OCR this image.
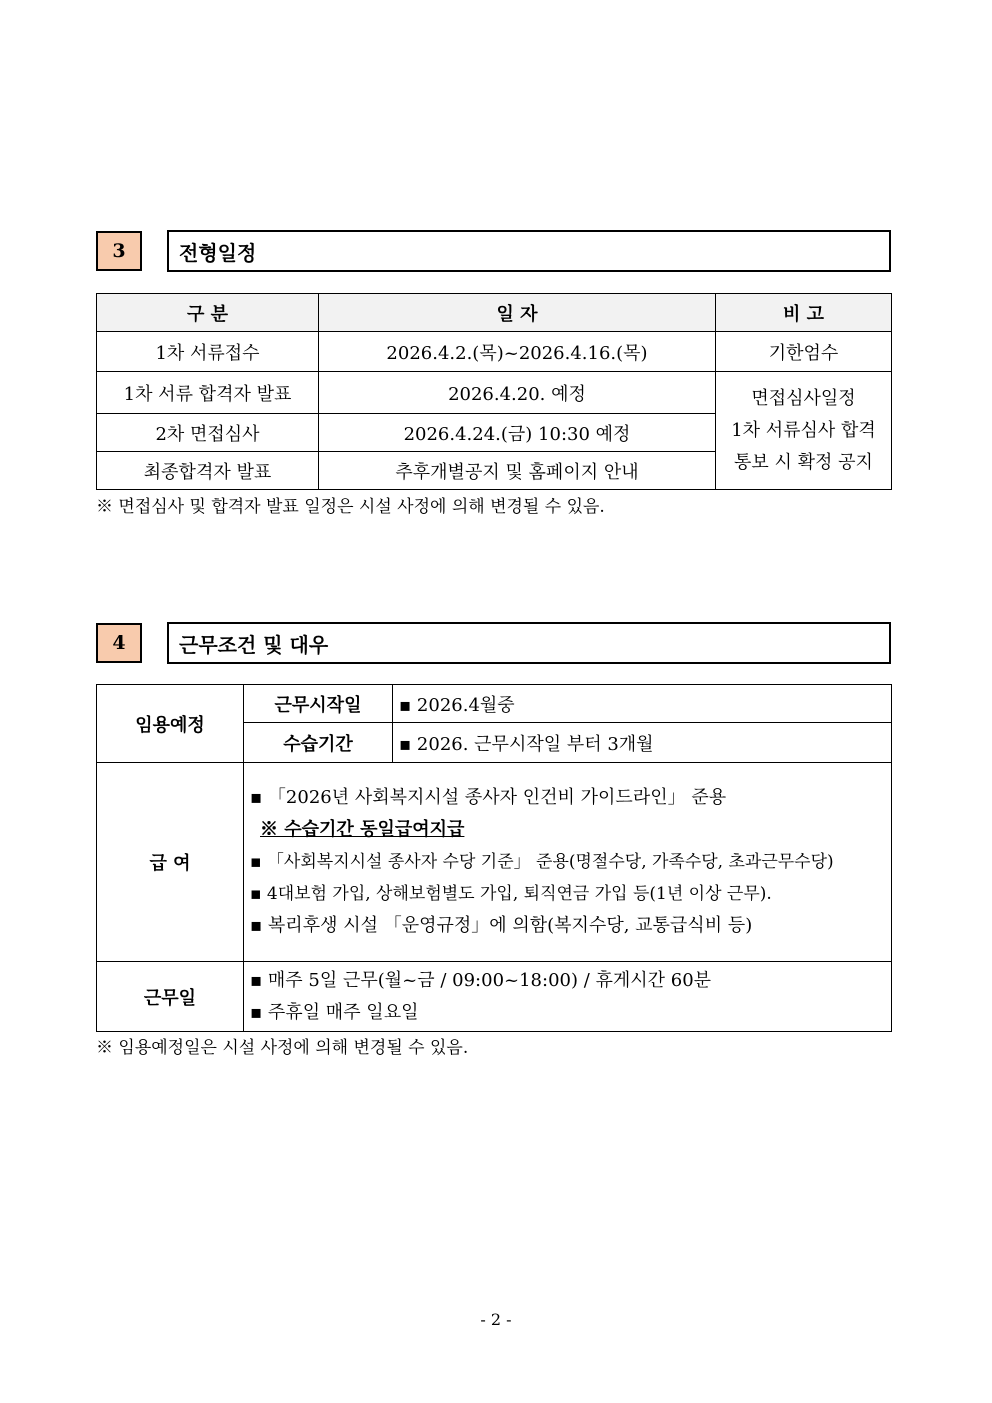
3	전형일정
구 분	일 자	비 고
1차 서류접수	2026.4.2.(목)~2026.4.16.(목)	기한엄수
1차 서류 합격자 발표	2026.4.20. 예정	면접심사일정
1차 서류심사 합격
통보 시 확정 공지

2차 면접심사	2026.4.24.(금) 10:30 예정	
최종합격자 발표	추후개별공지 및 홈페이지 안내	
※ 면접심사 및 합격자 발표 일정은 시설 사정에 의해 변경될 수 있음.
4	근무조건 및 대우
임용예정	근무시작일	▪ 2026.4월중
	수습기간	▪ 2026. 근무시작일 부터 3개월
급 여	▪ 「2026년 사회복지시설 종사자 인건비 가이드라인」 준용
※ 수습기간 동일급여지급
▪ 「사회복지시설 종사자 수당 기준」 준용(명절수당, 가족수당, 초과근무수당)
▪ 4대보험 가입, 상해보험별도 가입, 퇴직연금 가입 등(1년 이상 근무).
▪ 복리후생 시설 「운영규정」에 의함(복지수당, 교통급식비 등)	

근무일	▪ 매주 5일 근무(월~금 / 09:00~18:00) / 휴게시간 60분
▪ 주휴일 매주 일요일	
※ 임용예정일은 시설 사정에 의해 변경될 수 있음.
- 2 -
